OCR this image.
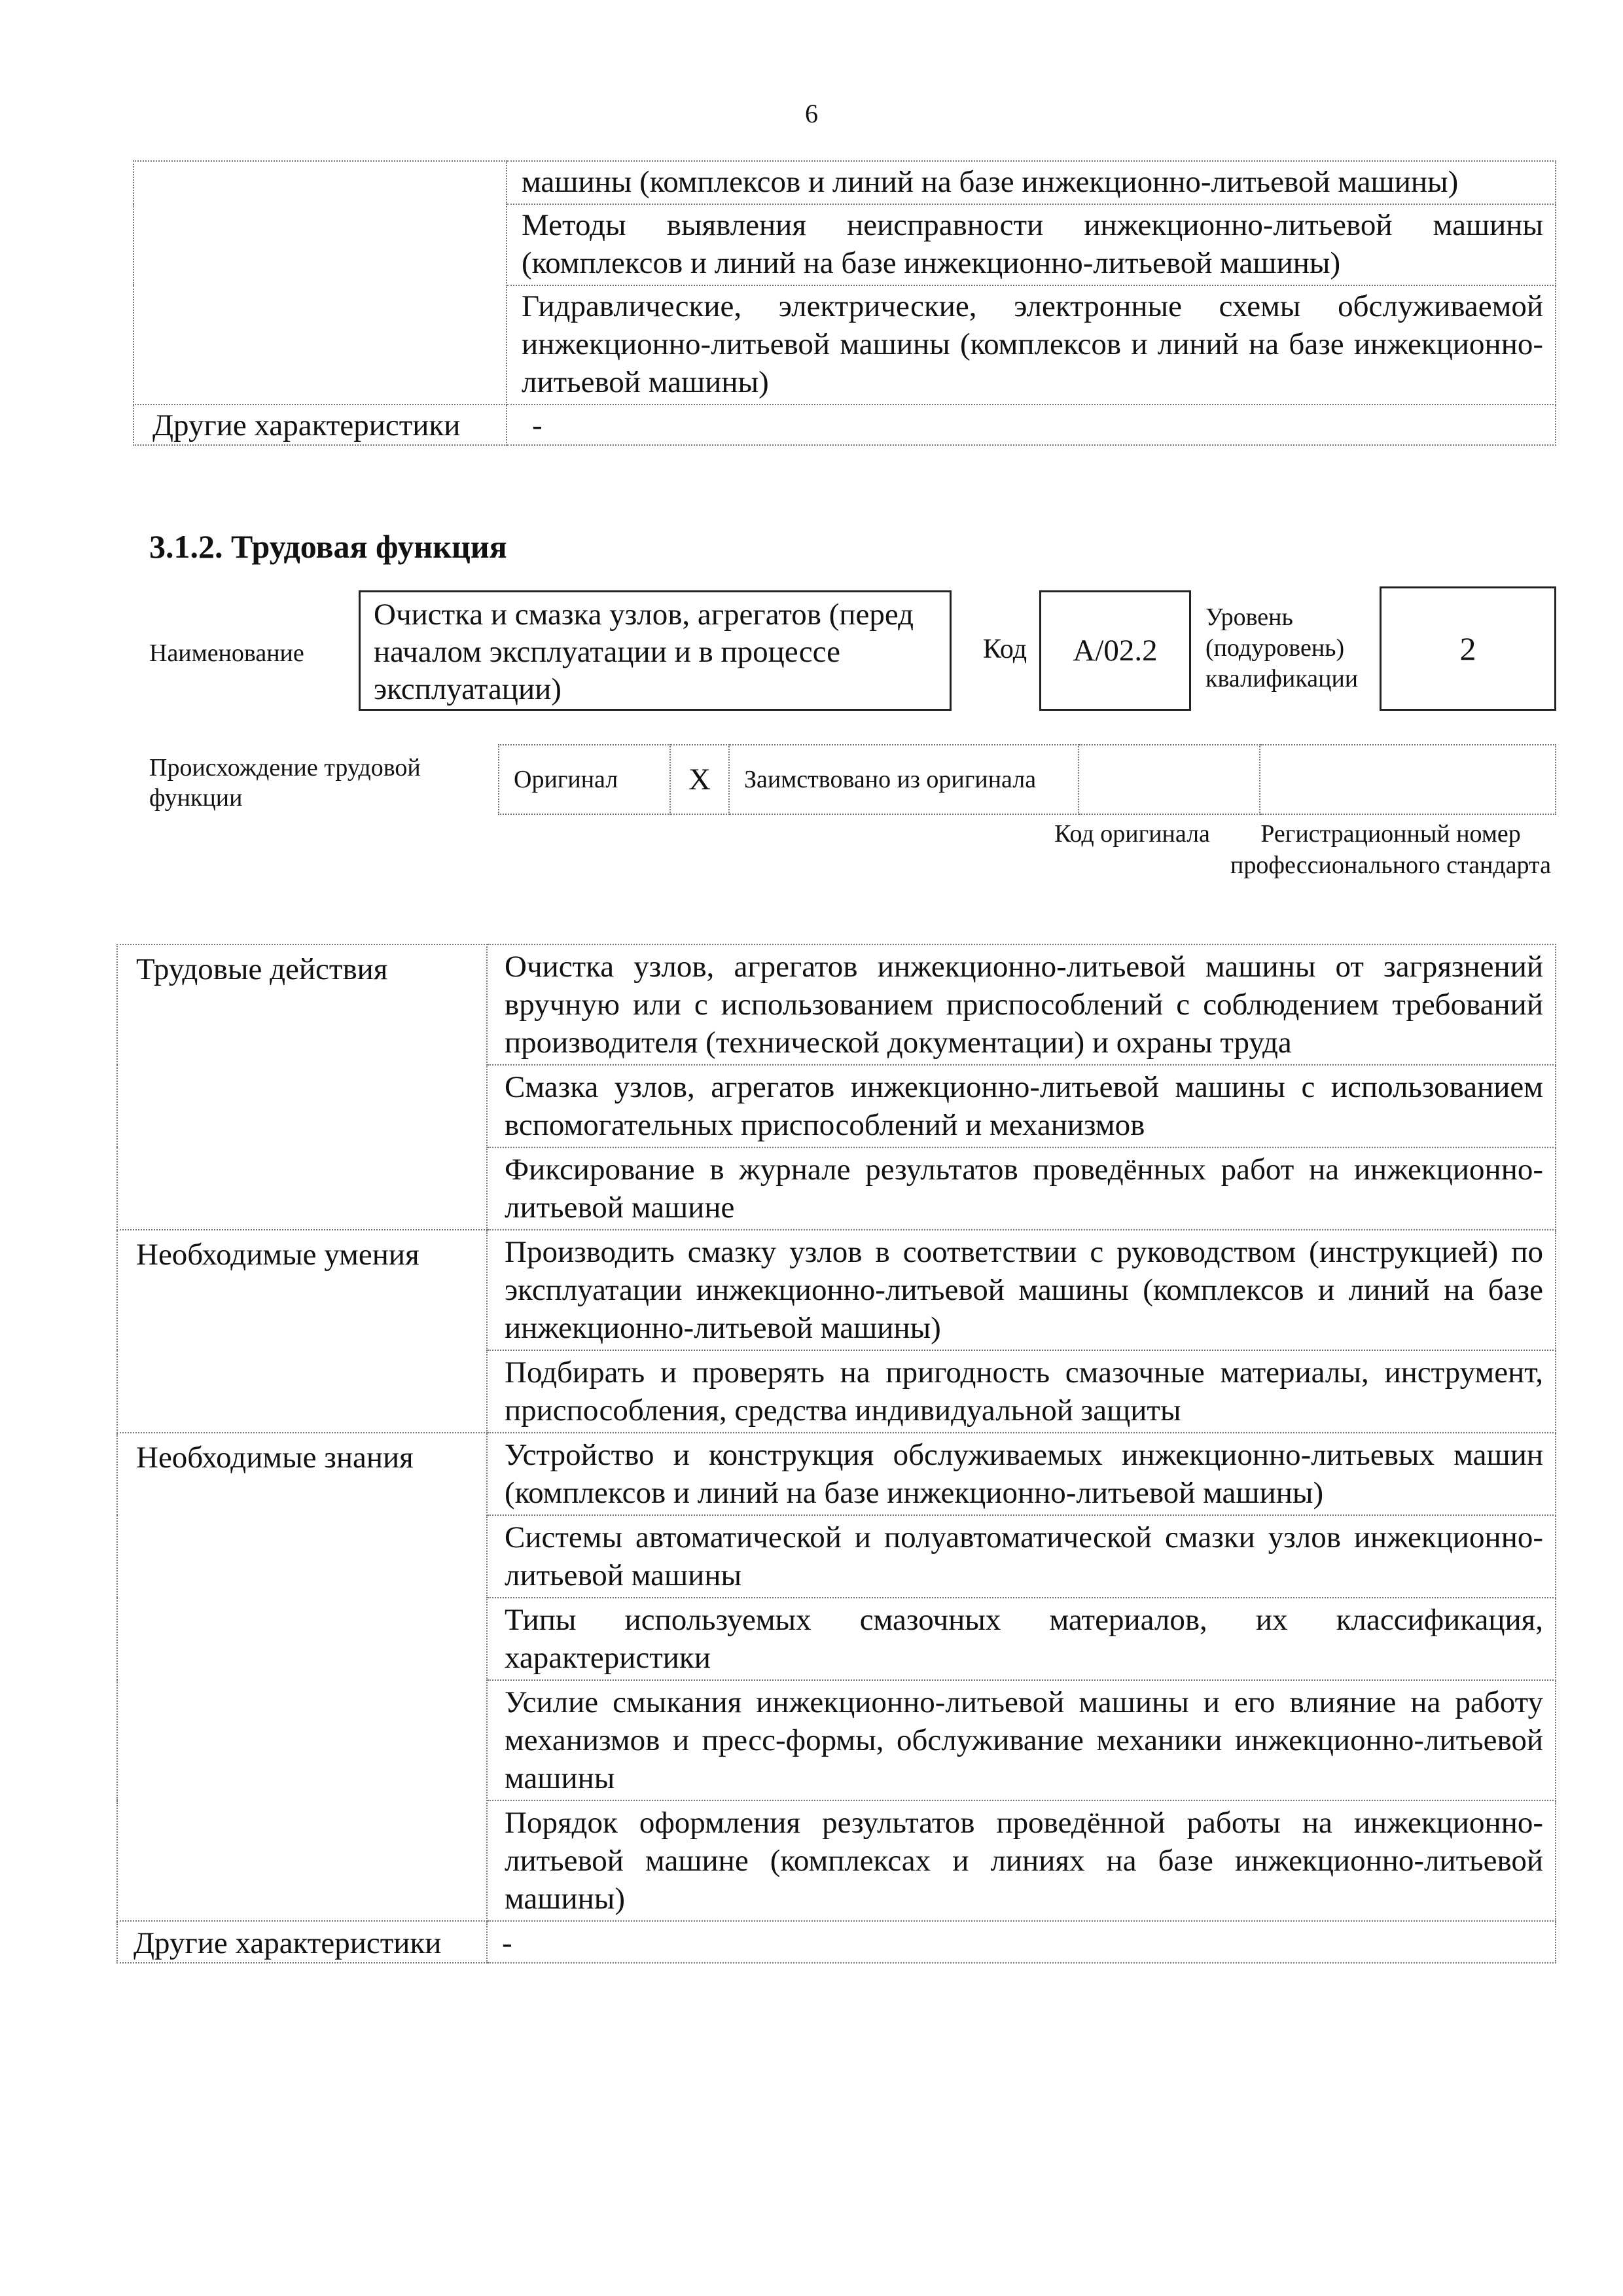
6
	машины (комплексов и линий на базе инжекционно-литьевой машины)
	Методы выявления неисправности инжекционно-литьевой машины (комплексов и линий на базе инжекционно-литьевой машины)
	Гидравлические, электрические, электронные схемы обслуживаемой инжекционно-литьевой машины (комплексов и линий на базе инжекционно-литьевой машины)
Другие характеристики	-
3.1.2. Трудовая функция
Наименование
Очистка и смазка узлов, агрегатов (перед началом эксплуатации и в процессе эксплуатации)
Код	А/02.2
Уровень (подуровень) квалификации
2
Происхождение трудовой функции
Оригинал	X	Заимствовано из оригинала		
Код оригинала	Регистрационный номер профессионального стандарта
Трудовые действия	Очистка узлов, агрегатов инжекционно-литьевой машины от загрязнений вручную или с использованием приспособлений с соблюдением требований производителя (технической документации) и охраны труда
	Смазка узлов, агрегатов инжекционно-литьевой машины с использованием вспомогательных приспособлений и механизмов
	Фиксирование в журнале результатов проведённых работ на инжекционно-литьевой машине
Необходимые умения	Производить смазку узлов в соответствии с руководством (инструкцией) по эксплуатации инжекционно-литьевой машины (комплексов и линий на базе инжекционно-литьевой машины)
	Подбирать и проверять на пригодность смазочные материалы, инструмент, приспособления, средства индивидуальной защиты
Необходимые знания	Устройство и конструкция обслуживаемых инжекционно-литьевых машин (комплексов и линий на базе инжекционно-литьевой машины)
	Системы автоматической и полуавтоматической смазки узлов инжекционно-литьевой машины
	Типы используемых смазочных материалов, их классификация, характеристики
	Усилие смыкания инжекционно-литьевой машины и его влияние на работу механизмов и пресс-формы, обслуживание механики инжекционно-литьевой машины
	Порядок оформления результатов проведённой работы на инжекционно-литьевой машине (комплексах и линиях на базе инжекционно-литьевой машины)
Другие характеристики	-
